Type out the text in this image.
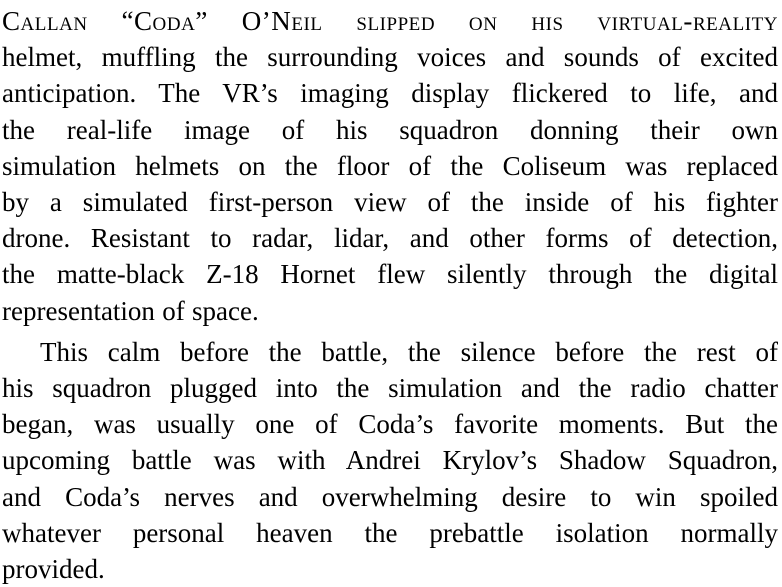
Callan “Coda” O’Neil slipped on his virtual-reality
helmet, muffling the surrounding voices and sounds of excited
anticipation. The VR’s imaging display flickered to life, and
the real-life image of his squadron donning their own
simulation helmets on the floor of the Coliseum was replaced
by a simulated first-person view of the inside of his fighter
drone. Resistant to radar, lidar, and other forms of detection,
the matte-black Z-18 Hornet flew silently through the digital
representation of space.
This calm before the battle, the silence before the rest of
his squadron plugged into the simulation and the radio chatter
began, was usually one of Coda’s favorite moments. But the
upcoming battle was with Andrei Krylov’s Shadow Squadron,
and Coda’s nerves and overwhelming desire to win spoiled
whatever personal heaven the prebattle isolation normally
provided.
